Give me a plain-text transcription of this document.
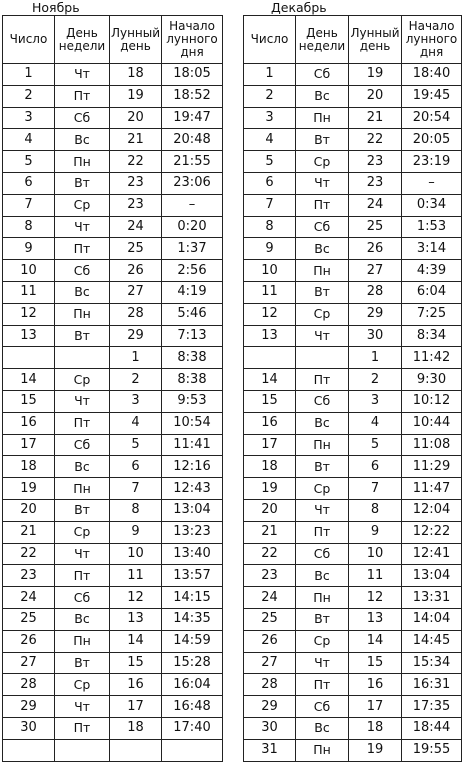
Ноябрь	Декабрь
Число	День недели	Лунный день	Начало лунного дня
1	Чт	18	18:05
2	Пт	19	18:52
3	Сб	20	19:47
4	Вс	21	20:48
5	Пн	22	21:55
6	Вт	23	23:06
7	Ср	23	–
8	Чт	24	0:20
9	Пт	25	1:37
10	Сб	26	2:56
11	Вс	27	4:19
12	Пн	28	5:46
13	Вт	29	7:13
		1	8:38
14	Ср	2	8:38
15	Чт	3	9:53
16	Пт	4	10:54
17	Сб	5	11:41
18	Вс	6	12:16
19	Пн	7	12:43
20	Вт	8	13:04
21	Ср	9	13:23
22	Чт	10	13:40
23	Пт	11	13:57
24	Сб	12	14:15
25	Вс	13	14:35
26	Пн	14	14:59
27	Вт	15	15:28
28	Ср	16	16:04
29	Чт	17	16:48
30	Пт	18	17:40

Число	День недели	Лунный день	Начало лунного дня
1	Сб	19	18:40
2	Вс	20	19:45
3	Пн	21	20:54
4	Вт	22	20:05
5	Ср	23	23:19
6	Чт	23	–
7	Пт	24	0:34
8	Сб	25	1:53
9	Вс	26	3:14
10	Пн	27	4:39
11	Вт	28	6:04
12	Ср	29	7:25
13	Чт	30	8:34
		1	11:42
14	Пт	2	9:30
15	Сб	3	10:12
16	Вс	4	10:44
17	Пн	5	11:08
18	Вт	6	11:29
19	Ср	7	11:47
20	Чт	8	12:04
21	Пт	9	12:22
22	Сб	10	12:41
23	Вс	11	13:04
24	Пн	12	13:31
25	Вт	13	14:04
26	Ср	14	14:45
27	Чт	15	15:34
28	Пт	16	16:31
29	Сб	17	17:35
30	Вс	18	18:44
31	Пн	19	19:55
